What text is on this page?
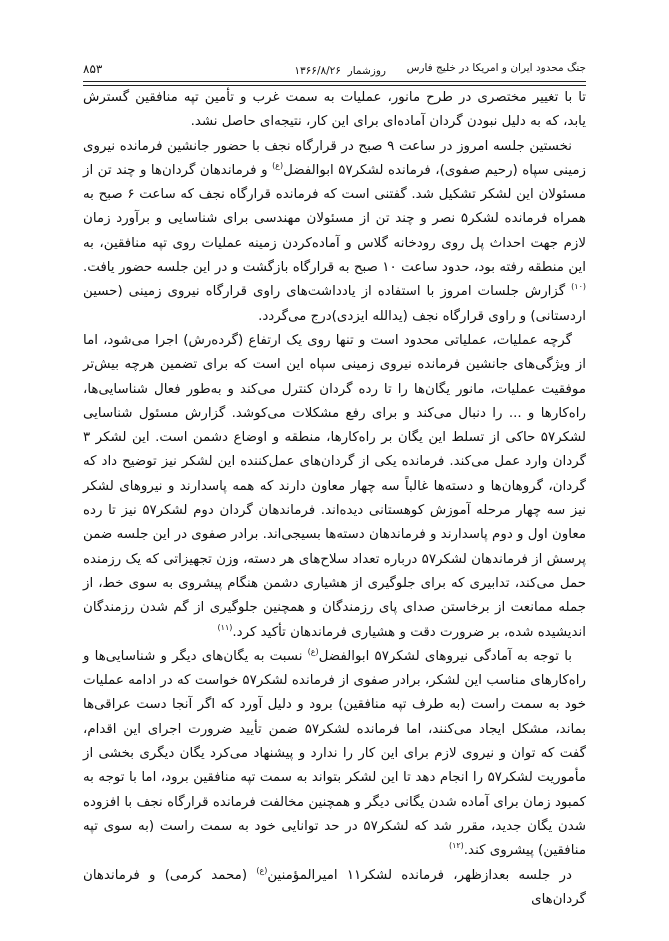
جنگ محدود ایران و امریکا در خلیج فارس
روزشمار  ۱۳۶۶/۸/۲۶
۸۵۳

تا با تغییر مختصری در طرح مانور، عملیات به سمت غرب و تأمین تپه منافقین گسترش یابد، که به دلیل نبودن گردان آماده‌ای برای این کار، نتیجه‌ای حاصل نشد.

نخستین جلسه امروز در ساعت ۹ صبح در قرارگاه نجف با حضور جانشین فرمانده نیروی زمینی سپاه (رحیم صفوی)، فرمانده لشکر۵۷ ابوالفضل$^{(ع)}$ و فرماندهان گردان‌ها و چند تن از مسئولان این لشکر تشکیل شد. گفتنی است که فرمانده قرارگاه نجف که ساعت ۶ صبح به همراه فرمانده لشکر۵ نصر و چند تن از مسئولان مهندسی برای شناسایی و برآورد زمان لازم جهت احداث پل روی رودخانه گلاس و آماده‌کردن زمینه عملیات روی تپه منافقین، به این منطقه رفته بود، حدود ساعت ۱۰ صبح به قرارگاه بازگشت و در این جلسه حضور یافت.$^{(۱۰)}$ گزارش جلسات امروز با استفاده از یادداشت‌های راوی قرارگاه نیروی زمینی (حسین اردستانی) و راوی قرارگاه نجف (یدالله ایزدی)درج می‌گردد.

گرچه عملیات، عملیاتی محدود است و تنها روی یک ارتفاع (گرده‌رش) اجرا می‌شود، اما از ویژگی‌های جانشین فرمانده نیروی زمینی سپاه این است که برای تضمین هرچه بیش‌تر موفقیت عملیات، مانور یگان‌ها را تا رده گردان کنترل می‌کند و به‌طور فعال شناسایی‌ها، راه‌کارها و ... را دنبال می‌کند و برای رفع مشکلات می‌کوشد. گزارش مسئول شناسایی لشکر۵۷ حاکی از تسلط این یگان بر راه‌کارها، منطقه و اوضاع دشمن است. این لشکر ۳ گردان وارد عمل می‌کند. فرمانده یکی از گردان‌های عمل‌کننده این لشکر نیز توضیح داد که گردان، گروهان‌ها و دسته‌ها غالباً سه چهار معاون دارند که همه پاسدارند و نیروهای لشکر نیز سه چهار مرحله آموزش کوهستانی دیده‌اند. فرماندهان گردان دوم لشکر۵۷ نیز تا رده معاون اول و دوم پاسدارند و فرماندهان دسته‌ها بسیجی‌اند. برادر صفوی در این جلسه ضمن پرسش از فرماندهان لشکر۵۷ درباره تعداد سلاح‌های هر دسته، وزن تجهیزاتی که یک رزمنده حمل می‌کند، تدابیری که برای جلوگیری از هشیاری دشمن هنگام پیشروی به سوی خط، از جمله ممانعت از برخاستن صدای پای رزمندگان و همچنین جلوگیری از گم شدن رزمندگان اندیشیده شده، بر ضرورت دقت و هشیاری فرماندهان تأکید کرد.$^{(۱۱)}$

با توجه به آمادگی نیروهای لشکر۵۷ ابوالفضل$^{(ع)}$ نسبت به یگان‌های دیگر و شناسایی‌ها و راه‌کارهای مناسب این لشکر، برادر صفوی از فرمانده لشکر۵۷ خواست که در ادامه عملیات خود به سمت راست (به طرف تپه منافقین) برود و دلیل آورد که اگر آنجا دست عراقی‌ها بماند، مشکل ایجاد می‌کنند، اما فرمانده لشکر۵۷ ضمن تأیید ضرورت اجرای این اقدام، گفت که توان و نیروی لازم برای این کار را ندارد و پیشنهاد می‌کرد یگان دیگری بخشی از مأموریت لشکر۵۷ را انجام دهد تا این لشکر بتواند به سمت تپه منافقین برود، اما با توجه به کمبود زمان برای آماده شدن یگانی دیگر و همچنین مخالفت فرمانده قرارگاه نجف با افزوده شدن یگان جدید، مقرر شد که لشکر۵۷ در حد توانایی خود به سمت راست (به سوی تپه منافقین) پیشروی کند.$^{(۱۲)}$

در جلسه بعدازظهر، فرمانده لشکر۱۱ امیرالمؤمنین$^{(ع)}$ (محمد کرمی) و فرماندهان گردان‌های
